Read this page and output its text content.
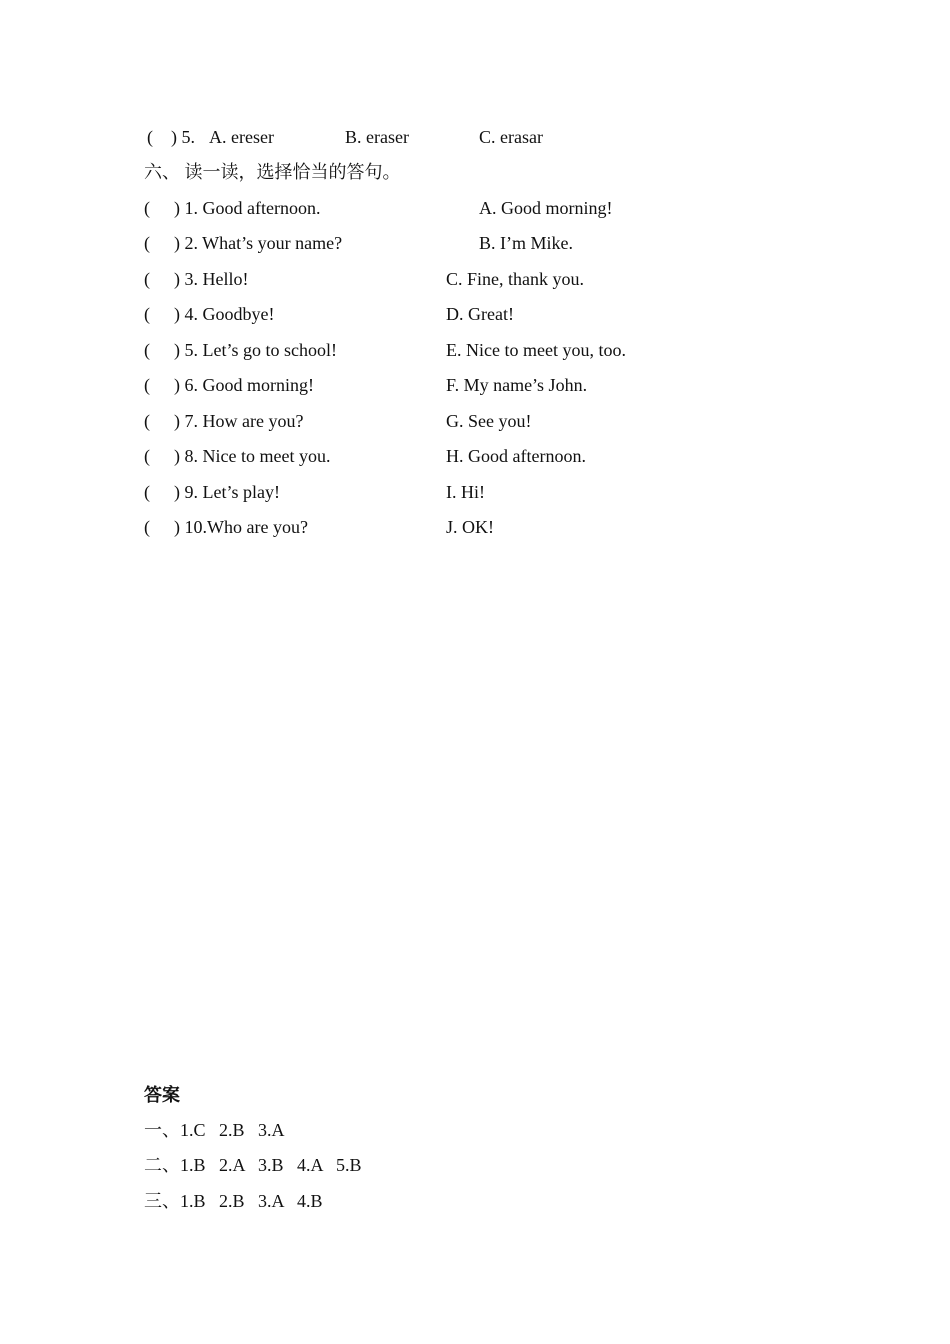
(    ) 5. A. ereser	B. eraser	C. erasar
六、 读一读，选择恰当的答句。
( ) 1. Good afternoon.	A. Good morning!
( ) 2. What’s your name?	B. I’m Mike.
( ) 3. Hello!	C. Fine, thank you.
( ) 4. Goodbye!	D. Great!
( ) 5. Let’s go to school!	E. Nice to meet you, too.
( ) 6. Good morning!	F. My name’s John.
( ) 7. How are you?	G. See you!
( ) 8. Nice to meet you.	H. Good afternoon.
( ) 9. Let’s play!	I. Hi!
( ) 10.Who are you?	J. OK!
答案
一、1.C   2.B   3.A
二、1.B   2.A   3.B   4.A   5.B
三、1.B   2.B   3.A   4.B
